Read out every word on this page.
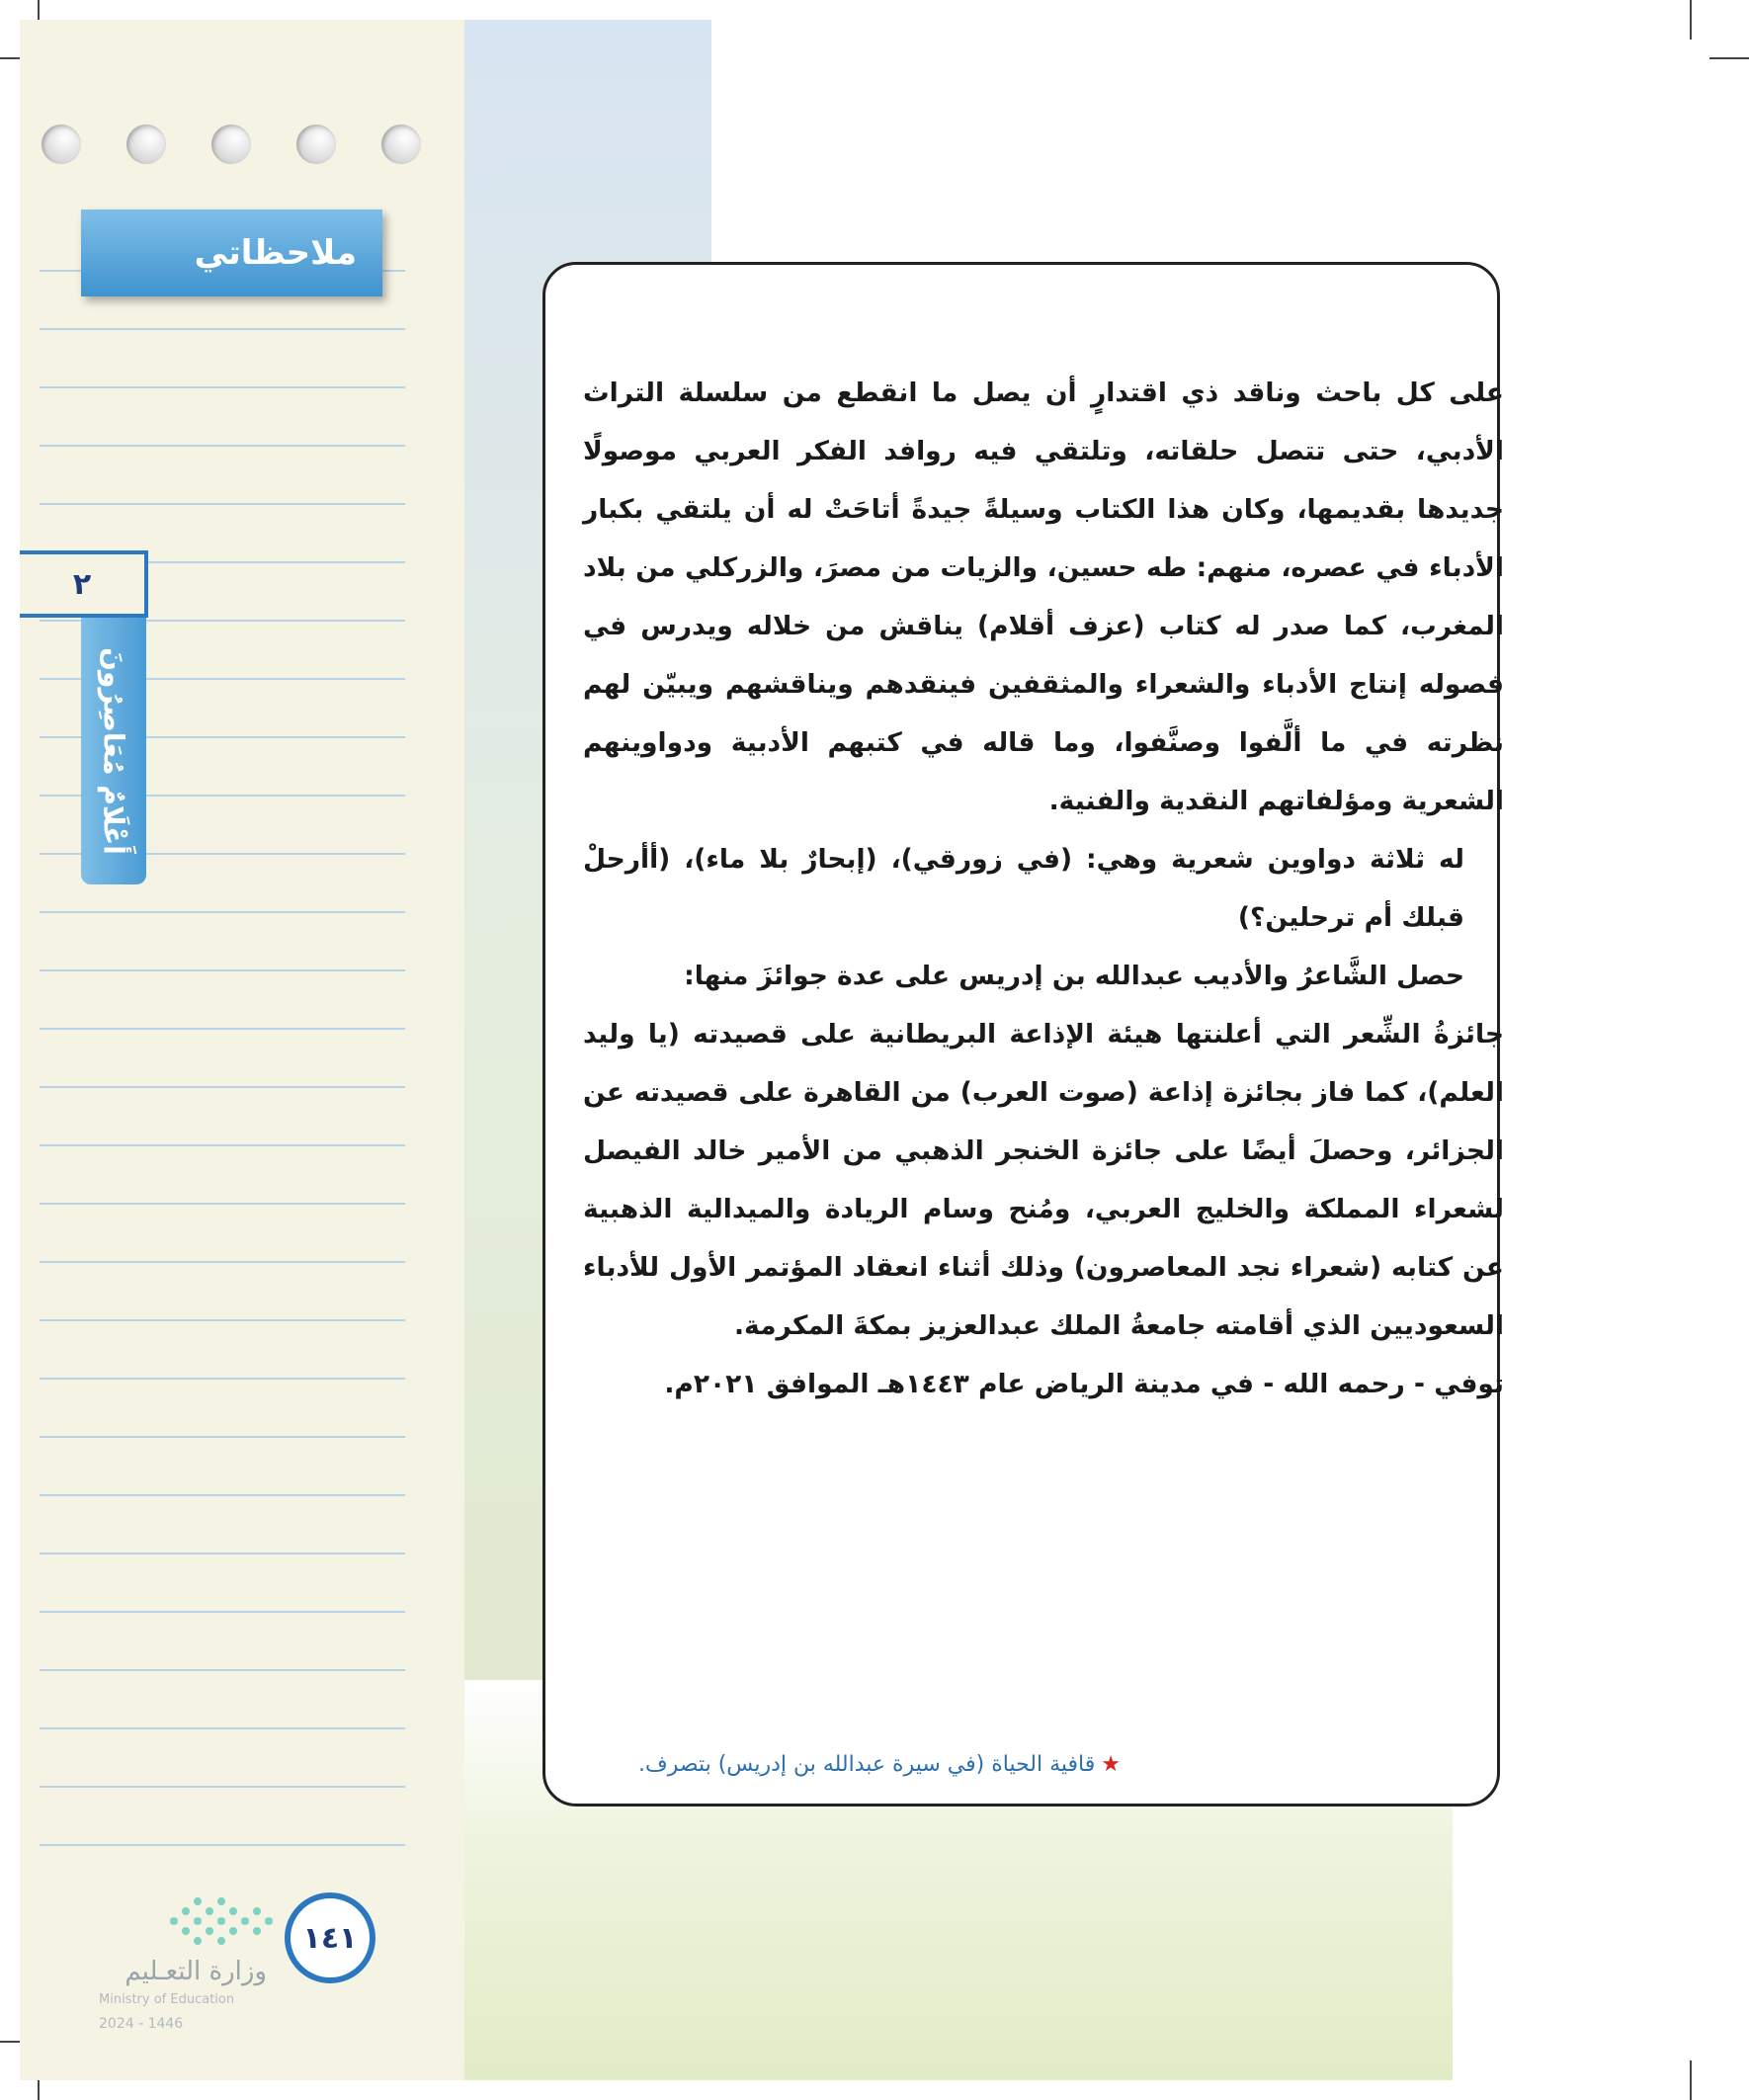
ملاحظاتي
٢
أَعْلَامٌ مُعَاصِرُونَ

على كل باحث وناقد ذي اقتدارٍ أن يصل ما انقطع من سلسلة التراث الأدبي، حتى تتصل حلقاته، وتلتقي فيه روافد الفكر العربي موصولًا جديدها بقديمها، وكان هذا الكتاب وسيلةً جيدةً أتاحَتْ له أن يلتقي بكبار الأدباء في عصره، منهم: طه حسين، والزيات من مصرَ، والزركلي من بلاد المغرب، كما صدر له كتاب (عزف أقلام) يناقش من خلاله ويدرس في فصوله إنتاج الأدباء والشعراء والمثقفين فينقدهم ويناقشهم ويبيّن لهم نظرته في ما ألَّفوا وصنَّفوا، وما قاله في كتبهم الأدبية ودواوينهم الشعرية ومؤلفاتهم النقدية والفنية.

له ثلاثة دواوين شعرية وهي: (في زورقي)، (إبحارٌ بلا ماء)، (أأرحلْ قبلك أم ترحلين؟)

حصل الشَّاعرُ والأديب عبدالله بن إدريس على عدة جوائزَ منها:

جائزةُ الشِّعر التي أعلنتها هيئة الإذاعة البريطانية على قصيدته (يا وليد العلم)، كما فاز بجائزة إذاعة (صوت العرب) من القاهرة على قصيدته عن الجزائر، وحصلَ أيضًا على جائزة الخنجر الذهبي من الأمير خالد الفيصل لشعراء المملكة والخليج العربي، ومُنح وسام الريادة والميدالية الذهبية عن كتابه (شعراء نجد المعاصرون) وذلك أثناء انعقاد المؤتمر الأول للأدباء السعوديين الذي أقامته جامعةُ الملك عبدالعزيز بمكةَ المكرمة.

توفي - رحمه الله - في مدينة الرياض عام ١٤٤٣هـ الموافق ٢٠٢١م.

★قافية الحياة (في سيرة عبدالله بن إدريس) بتصرف.
١٤١
وزارة التعـليم
Ministry of Education
2024 - 1446
